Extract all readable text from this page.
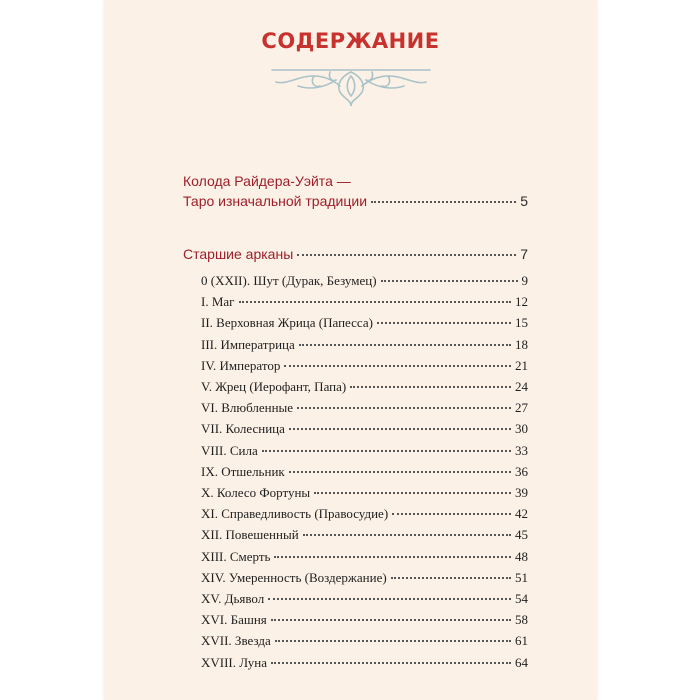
СОДЕРЖАНИЕ
Колода Райдера-Уэйта —
Таро изначальной традиции	5
Старшие арканы	7
0 (XXII). Шут (Дурак, Безумец)	9
I. Маг	12
II. Верховная Жрица (Папесса)	15
III. Императрица	18
IV. Император	21
V. Жрец (Иерофант, Папа)	24
VI. Влюбленные	27
VII. Колесница	30
VIII. Сила	33
IX. Отшельник	36
X. Колесо Фортуны	39
XI. Справедливость (Правосудие)	42
XII. Повешенный	45
XIII. Смерть	48
XIV. Умеренность (Воздержание)	51
XV. Дьявол	54
XVI. Башня	58
XVII. Звезда	61
XVIII. Луна	64
